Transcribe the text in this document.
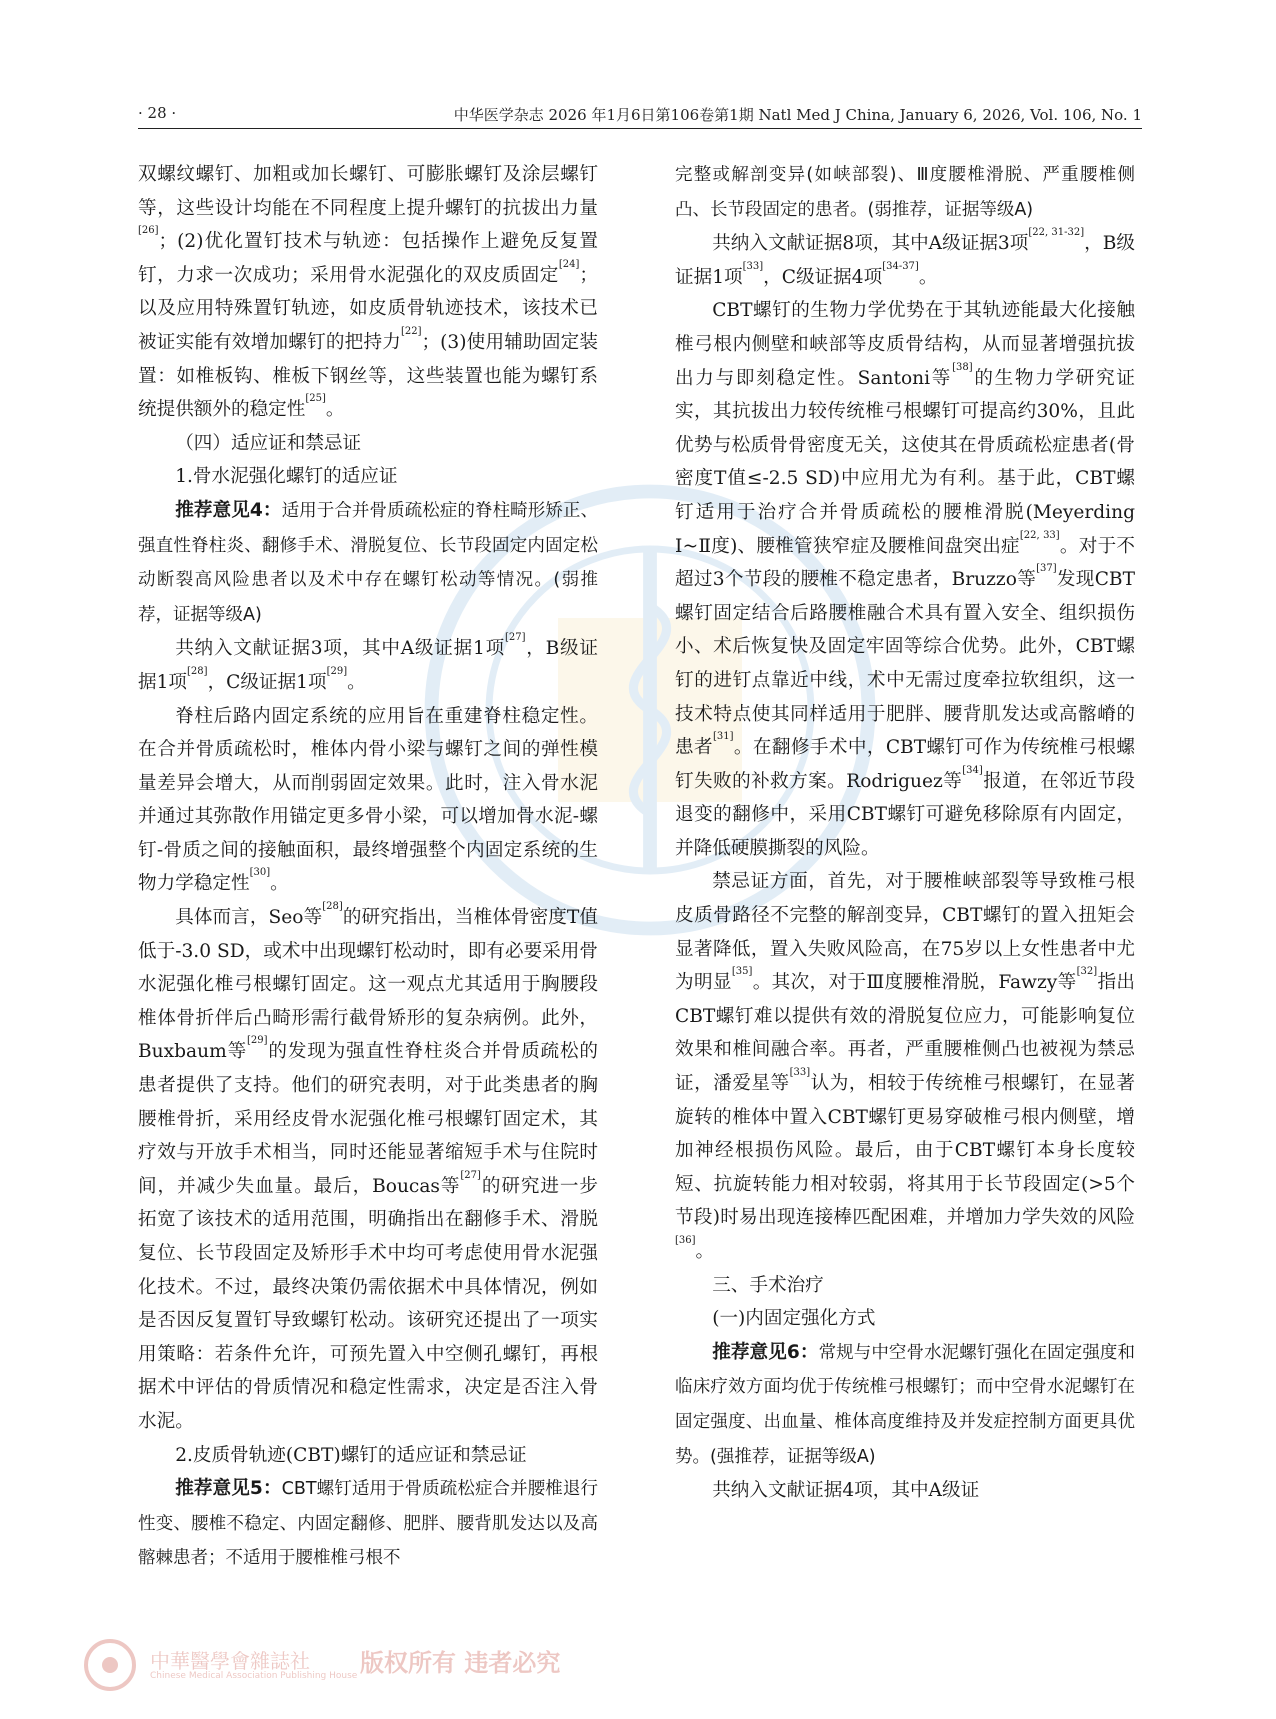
· 28 ·	中华医学杂志 2026 年1月6日第106卷第1期 Natl Med J China, January 6, 2026, Vol. 106, No. 1

双螺纹螺钉、加粗或加长螺钉、可膨胀螺钉及涂层螺钉等，这些设计均能在不同程度上提升螺钉的抗拔出力量[26]；(2)优化置钉技术与轨迹：包括操作上避免反复置钉，力求一次成功；采用骨水泥强化的双皮质固定[24]；以及应用特殊置钉轨迹，如皮质骨轨迹技术，该技术已被证实能有效增加螺钉的把持力[22]；(3)使用辅助固定装置：如椎板钩、椎板下钢丝等，这些装置也能为螺钉系统提供额外的稳定性[25]。

（四）适应证和禁忌证

1.骨水泥强化螺钉的适应证

推荐意见4：适用于合并骨质疏松症的脊柱畸形矫正、强直性脊柱炎、翻修手术、滑脱复位、长节段固定内固定松动断裂高风险患者以及术中存在螺钉松动等情况。(弱推荐，证据等级A)

共纳入文献证据3项，其中A级证据1项[27]，B级证据1项[28]，C级证据1项[29]。

脊柱后路内固定系统的应用旨在重建脊柱稳定性。在合并骨质疏松时，椎体内骨小梁与螺钉之间的弹性模量差异会增大，从而削弱固定效果。此时，注入骨水泥并通过其弥散作用锚定更多骨小梁，可以增加骨水泥-螺钉-骨质之间的接触面积，最终增强整个内固定系统的生物力学稳定性[30]。

具体而言，Seo等[28]的研究指出，当椎体骨密度T值低于-3.0 SD，或术中出现螺钉松动时，即有必要采用骨水泥强化椎弓根螺钉固定。这一观点尤其适用于胸腰段椎体骨折伴后凸畸形需行截骨矫形的复杂病例。此外，Buxbaum等[29]的发现为强直性脊柱炎合并骨质疏松的患者提供了支持。他们的研究表明，对于此类患者的胸腰椎骨折，采用经皮骨水泥强化椎弓根螺钉固定术，其疗效与开放手术相当，同时还能显著缩短手术与住院时间，并减少失血量。最后，Boucas等[27]的研究进一步拓宽了该技术的适用范围，明确指出在翻修手术、滑脱复位、长节段固定及矫形手术中均可考虑使用骨水泥强化技术。不过，最终决策仍需依据术中具体情况，例如是否因反复置钉导致螺钉松动。该研究还提出了一项实用策略：若条件允许，可预先置入中空侧孔螺钉，再根据术中评估的骨质情况和稳定性需求，决定是否注入骨水泥。

2.皮质骨轨迹(CBT)螺钉的适应证和禁忌证

推荐意见5：CBT螺钉适用于骨质疏松症合并腰椎退行性变、腰椎不稳定、内固定翻修、肥胖、腰背肌发达以及高髂棘患者；不适用于腰椎椎弓根不

完整或解剖变异(如峡部裂)、Ⅲ度腰椎滑脱、严重腰椎侧凸、长节段固定的患者。(弱推荐，证据等级A)

共纳入文献证据8项，其中A级证据3项[22, 31-32]，B级证据1项[33]，C级证据4项[34-37]。

CBT螺钉的生物力学优势在于其轨迹能最大化接触椎弓根内侧壁和峡部等皮质骨结构，从而显著增强抗拔出力与即刻稳定性。Santoni等[38]的生物力学研究证实，其抗拔出力较传统椎弓根螺钉可提高约30%，且此优势与松质骨骨密度无关，这使其在骨质疏松症患者(骨密度T值≤-2.5 SD)中应用尤为有利。基于此，CBT螺钉适用于治疗合并骨质疏松的腰椎滑脱(Meyerding Ⅰ~Ⅱ度)、腰椎管狭窄症及腰椎间盘突出症[22, 33]。对于不超过3个节段的腰椎不稳定患者，Bruzzo等[37]发现CBT螺钉固定结合后路腰椎融合术具有置入安全、组织损伤小、术后恢复快及固定牢固等综合优势。此外，CBT螺钉的进钉点靠近中线，术中无需过度牵拉软组织，这一技术特点使其同样适用于肥胖、腰背肌发达或高髂嵴的患者[31]。在翻修手术中，CBT螺钉可作为传统椎弓根螺钉失败的补救方案。Rodriguez等[34]报道，在邻近节段退变的翻修中，采用CBT螺钉可避免移除原有内固定，并降低硬膜撕裂的风险。

禁忌证方面，首先，对于腰椎峡部裂等导致椎弓根皮质骨路径不完整的解剖变异，CBT螺钉的置入扭矩会显著降低，置入失败风险高，在75岁以上女性患者中尤为明显[35]。其次，对于Ⅲ度腰椎滑脱，Fawzy等[32]指出CBT螺钉难以提供有效的滑脱复位应力，可能影响复位效果和椎间融合率。再者，严重腰椎侧凸也被视为禁忌证，潘爱星等[33]认为，相较于传统椎弓根螺钉，在显著旋转的椎体中置入CBT螺钉更易穿破椎弓根内侧壁，增加神经根损伤风险。最后，由于CBT螺钉本身长度较短、抗旋转能力相对较弱，将其用于长节段固定(>5个节段)时易出现连接棒匹配困难，并增加力学失效的风险[36]。

三、手术治疗

(一)内固定强化方式

推荐意见6：常规与中空骨水泥螺钉强化在固定强度和临床疗效方面均优于传统椎弓根螺钉；而中空骨水泥螺钉在固定强度、出血量、椎体高度维持及并发症控制方面更具优势。(强推荐，证据等级A)

共纳入文献证据4项，其中A级证

中華醫學會雜誌社
Chinese Medical Association Publishing House 版权所有 违者必究
